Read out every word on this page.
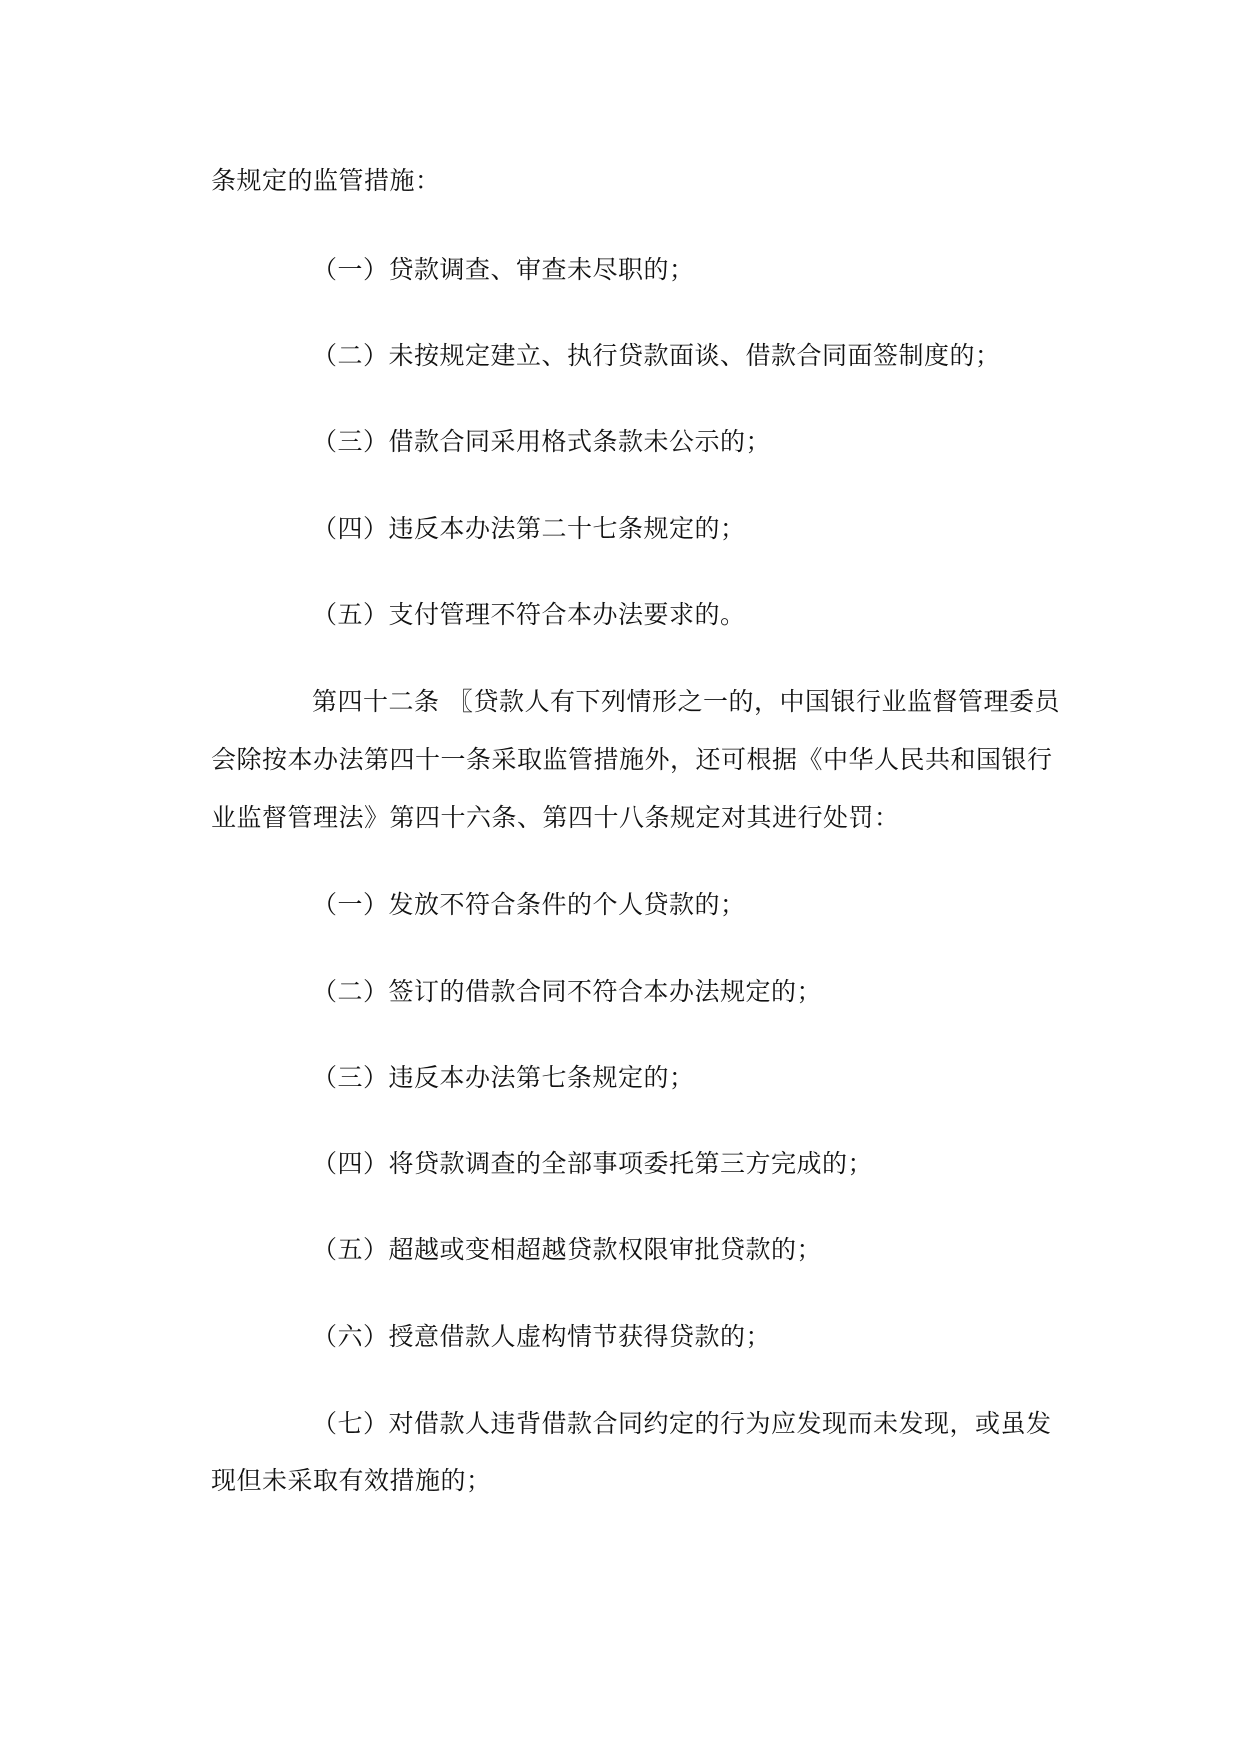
条规定的监管措施：
（一）贷款调查、审查未尽职的；
（二）未按规定建立、执行贷款面谈、借款合同面签制度的；
（三）借款合同采用格式条款未公示的；
（四）违反本办法第二十七条规定的；
（五）支付管理不符合本办法要求的。
第四十二条 〖贷款人有下列情形之一的，中国银行业监督管理委员
会除按本办法第四十一条采取监管措施外，还可根据《中华人民共和国银行
业监督管理法》第四十六条、第四十八条规定对其进行处罚：
（一）发放不符合条件的个人贷款的；
（二）签订的借款合同不符合本办法规定的；
（三）违反本办法第七条规定的；
（四）将贷款调查的全部事项委托第三方完成的；
（五）超越或变相超越贷款权限审批贷款的；
（六）授意借款人虚构情节获得贷款的；
（七）对借款人违背借款合同约定的行为应发现而未发现，或虽发
现但未采取有效措施的；
